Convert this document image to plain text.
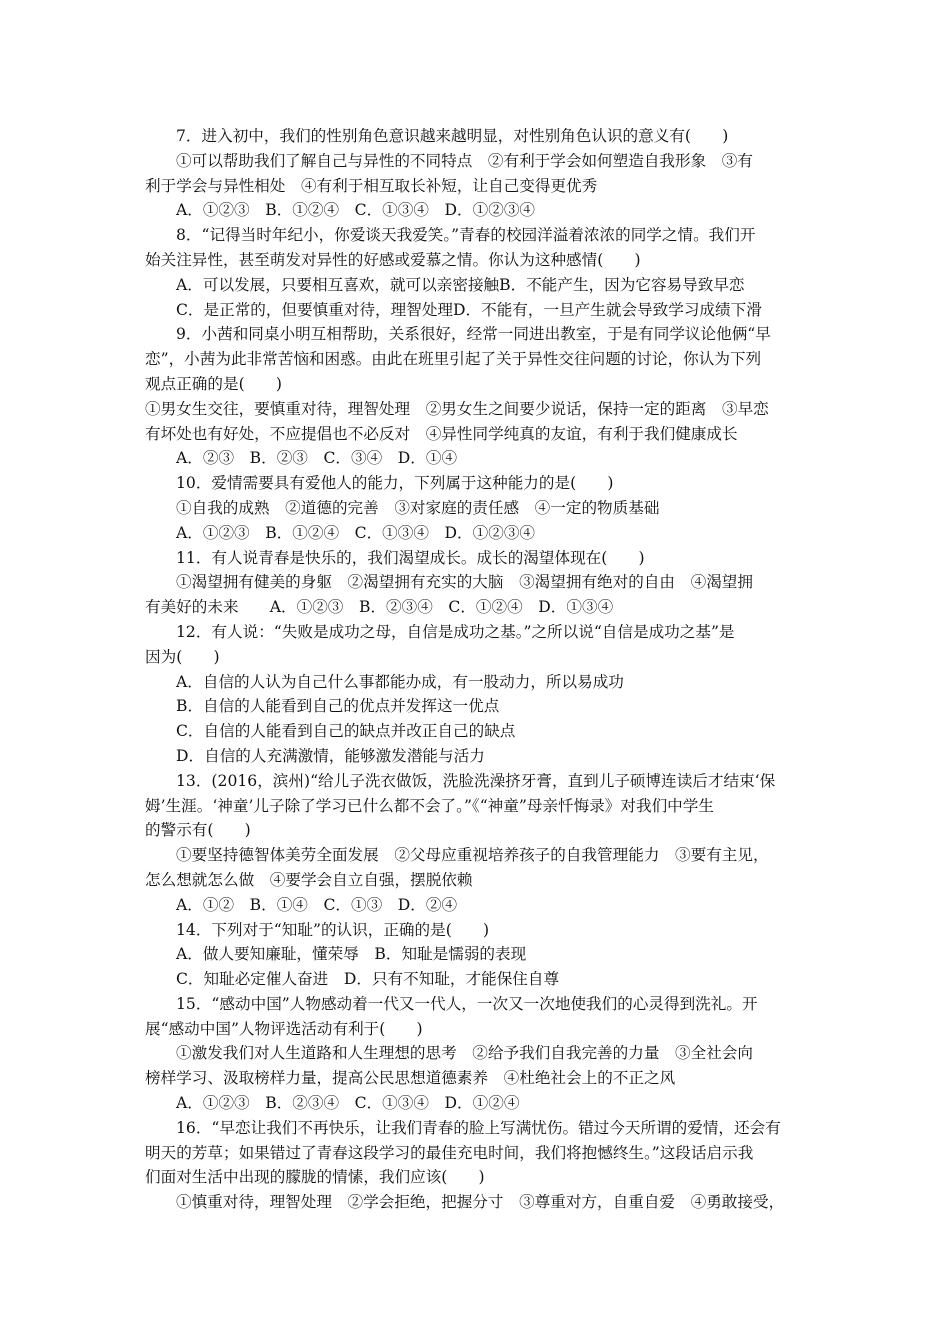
7．进入初中，我们的性别角色意识越来越明显，对性别角色认识的意义有(　　)
①可以帮助我们了解自己与异性的不同特点　②有利于学会如何塑造自我形象　③有
利于学会与异性相处　④有利于相互取长补短，让自己变得更优秀
A．①②③　B．①②④　C．①③④　D．①②③④
8．“记得当时年纪小，你爱谈天我爱笑。”青春的校园洋溢着浓浓的同学之情。我们开
始关注异性，甚至萌发对异性的好感或爱慕之情。你认为这种感情(　　)
A．可以发展，只要相互喜欢，就可以亲密接触B．不能产生，因为它容易导致早恋
C．是正常的，但要慎重对待，理智处理D．不能有，一旦产生就会导致学习成绩下滑
9．小茜和同桌小明互相帮助，关系很好，经常一同进出教室，于是有同学议论他俩“早
恋”，小茜为此非常苦恼和困惑。由此在班里引起了关于异性交往问题的讨论，你认为下列
观点正确的是(　　)
①男女生交往，要慎重对待，理智处理　②男女生之间要少说话，保持一定的距离　③早恋
有坏处也有好处，不应提倡也不必反对　④异性同学纯真的友谊，有利于我们健康成长
A．②③　B．②③　C．③④　D．①④
10．爱情需要具有爱他人的能力，下列属于这种能力的是(　　)
①自我的成熟　②道德的完善　③对家庭的责任感　④一定的物质基础
A．①②③　B．①②④　C．①③④　D．①②③④
11．有人说青春是快乐的，我们渴望成长。成长的渴望体现在(　　)
①渴望拥有健美的身躯　②渴望拥有充实的大脑　③渴望拥有绝对的自由　④渴望拥
有美好的未来　　A．①②③　B．②③④　C．①②④　D．①③④
12．有人说：“失败是成功之母，自信是成功之基。”之所以说“自信是成功之基”是
因为(　　)
A．自信的人认为自己什么事都能办成，有一股动力，所以易成功
B．自信的人能看到自己的优点并发挥这一优点
C．自信的人能看到自己的缺点并改正自己的缺点
D．自信的人充满激情，能够激发潜能与活力
13．(2016，滨州)“给儿子洗衣做饭，洗脸洗澡挤牙膏，直到儿子硕博连读后才结束‘保
姆’生涯。‘神童’儿子除了学习已什么都不会了。”《“神童”母亲忏悔录》对我们中学生
的警示有(　　)
①要坚持德智体美劳全面发展　②父母应重视培养孩子的自我管理能力　③要有主见，
怎么想就怎么做　④要学会自立自强，摆脱依赖
A．①②　B．①④　C．①③　D．②④
14．下列对于“知耻”的认识，正确的是(　　)
A．做人要知廉耻，懂荣辱　B．知耻是懦弱的表现
C．知耻必定催人奋进　D．只有不知耻，才能保住自尊
15．“感动中国”人物感动着一代又一代人，一次又一次地使我们的心灵得到洗礼。开
展“感动中国”人物评选活动有利于(　　)
①激发我们对人生道路和人生理想的思考　②给予我们自我完善的力量　③全社会向
榜样学习、汲取榜样力量，提高公民思想道德素养　④杜绝社会上的不正之风
A．①②③　B．②③④　C．①③④　D．①②④
16．“早恋让我们不再快乐，让我们青春的脸上写满忧伤。错过今天所谓的爱情，还会有
明天的芳草；如果错过了青春这段学习的最佳充电时间，我们将抱憾终生。”这段话启示我
们面对生活中出现的朦胧的情愫，我们应该(　　)
①慎重对待，理智处理　②学会拒绝，把握分寸　③尊重对方，自重自爱　④勇敢接受，
